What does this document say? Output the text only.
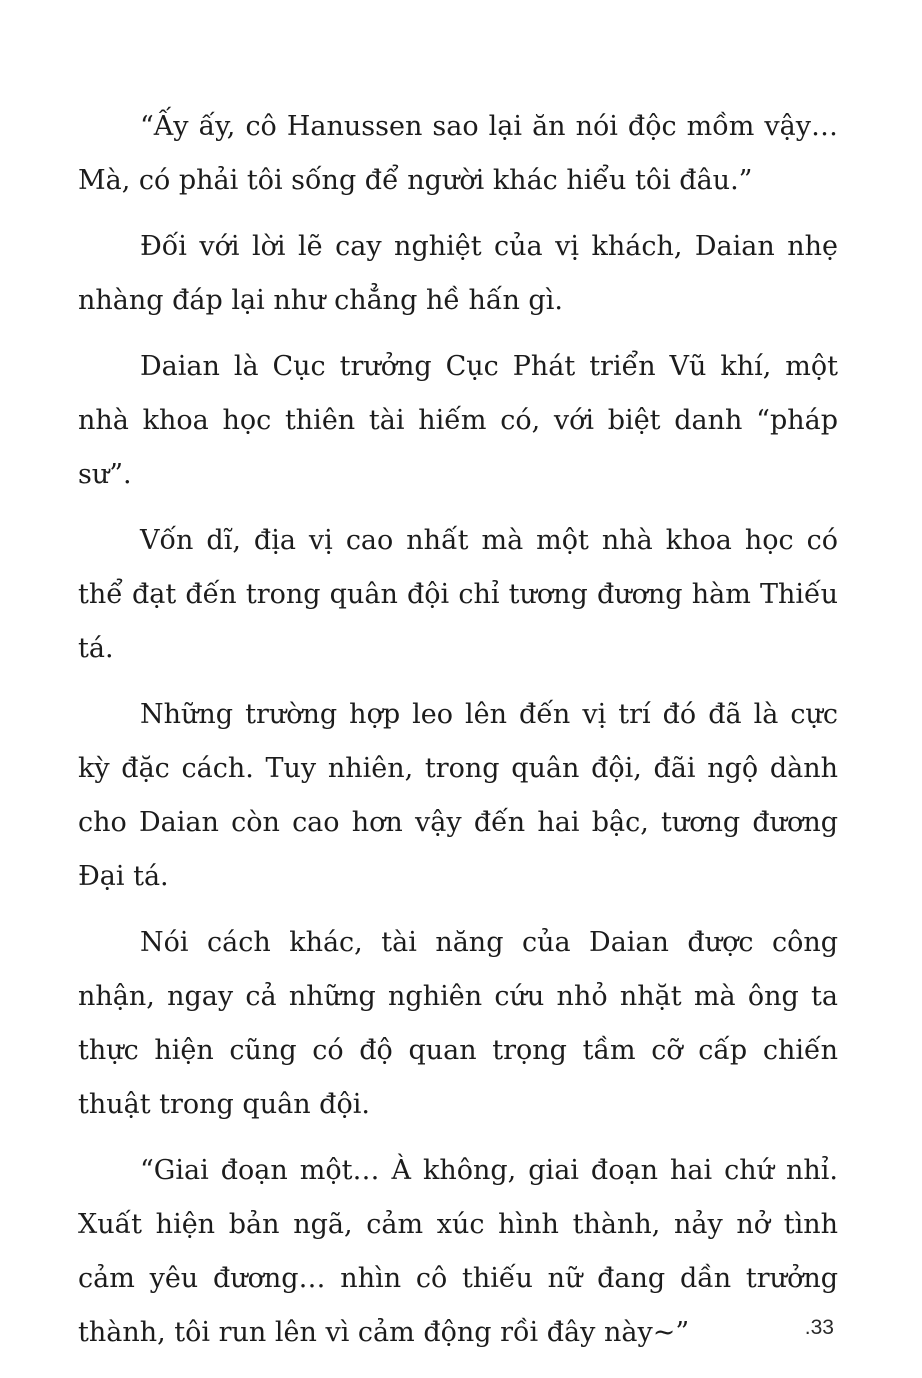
“Ấy ấy, cô Hanussen sao lại ăn nói độc mồm vậy… Mà, có phải tôi sống để người khác hiểu tôi đâu.”

Đối với lời lẽ cay nghiệt của vị khách, Daian nhẹ nhàng đáp lại như chẳng hề hấn gì.

Daian là Cục trưởng Cục Phát triển Vũ khí, một nhà khoa học thiên tài hiếm có, với biệt danh “pháp sư”.

Vốn dĩ, địa vị cao nhất mà một nhà khoa học có thể đạt đến trong quân đội chỉ tương đương hàm Thiếu tá.

Những trường hợp leo lên đến vị trí đó đã là cực kỳ đặc cách. Tuy nhiên, trong quân đội, đãi ngộ dành cho Daian còn cao hơn vậy đến hai bậc, tương đương Đại tá.

Nói cách khác, tài năng của Daian được công nhận, ngay cả những nghiên cứu nhỏ nhặt mà ông ta thực hiện cũng có độ quan trọng tầm cỡ cấp chiến thuật trong quân đội.

“Giai đoạn một… À không, giai đoạn hai chứ nhỉ. Xuất hiện bản ngã, cảm xúc hình thành, nảy nở tình cảm yêu đương… nhìn cô thiếu nữ đang dần trưởng thành, tôi run lên vì cảm động rồi đây này~”	.33
